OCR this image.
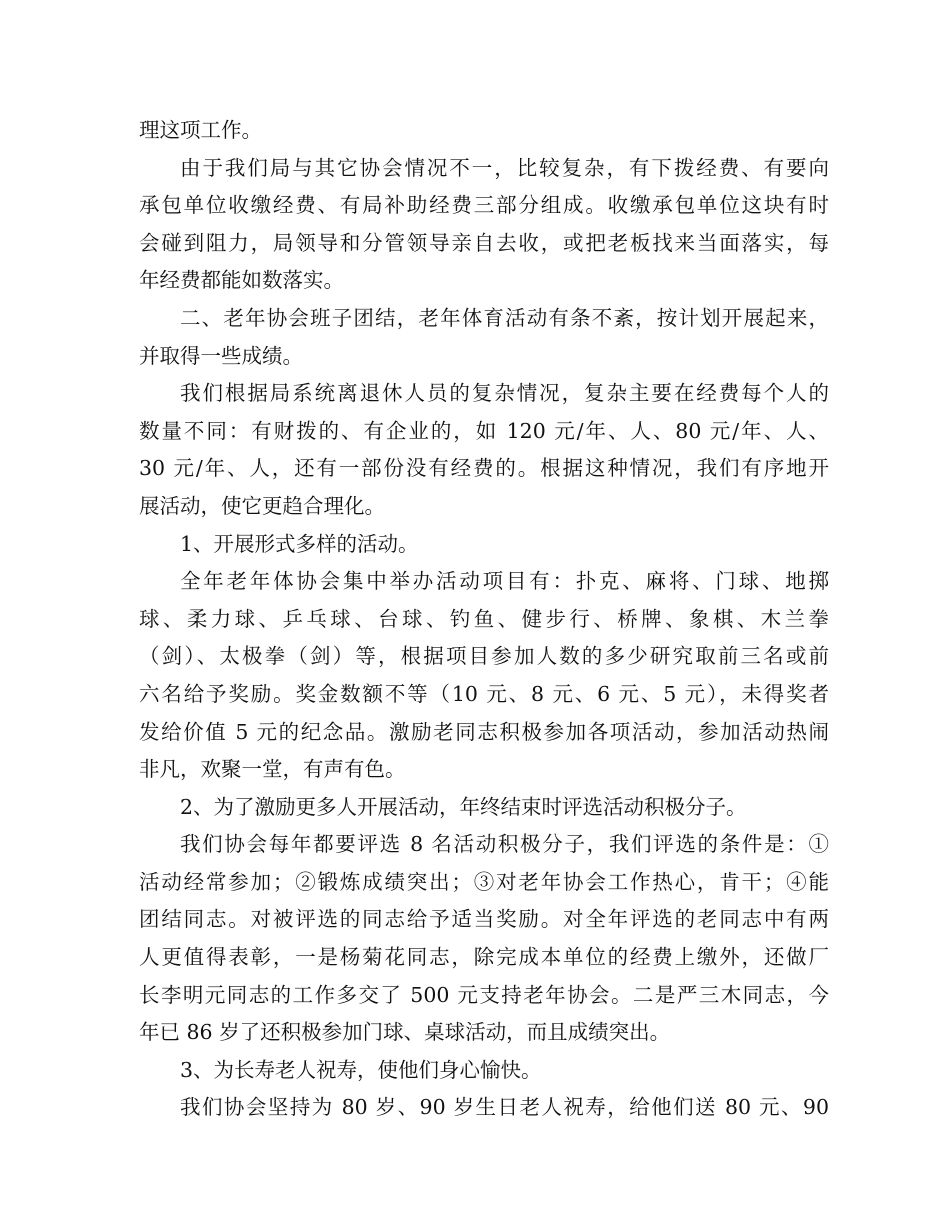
理这项工作。
由于我们局与其它协会情况不一，比较复杂，有下拨经费、有要向
承包单位收缴经费、有局补助经费三部分组成。收缴承包单位这块有时
会碰到阻力，局领导和分管领导亲自去收，或把老板找来当面落实，每
年经费都能如数落实。
二、老年协会班子团结，老年体育活动有条不紊，按计划开展起来，
并取得一些成绩。
我们根据局系统离退休人员的复杂情况，复杂主要在经费每个人的
数量不同：有财拨的、有企业的，如 120 元/年、人、80 元/年、人、
30 元/年、人，还有一部份没有经费的。根据这种情况，我们有序地开
展活动，使它更趋合理化。
1、开展形式多样的活动。
全年老年体协会集中举办活动项目有：扑克、麻将、门球、地掷
球、柔力球、乒乓球、台球、钓鱼、健步行、桥牌、象棋、木兰拳
（剑）、太极拳（剑）等，根据项目参加人数的多少研究取前三名或前
六名给予奖励。奖金数额不等（10 元、8 元、6 元、5 元），未得奖者
发给价值 5 元的纪念品。激励老同志积极参加各项活动，参加活动热闹
非凡，欢聚一堂，有声有色。
2、为了激励更多人开展活动，年终结束时评选活动积极分子。
我们协会每年都要评选 8 名活动积极分子，我们评选的条件是：①
活动经常参加；②锻炼成绩突出；③对老年协会工作热心，肯干；④能
团结同志。对被评选的同志给予适当奖励。对全年评选的老同志中有两
人更值得表彰，一是杨菊花同志，除完成本单位的经费上缴外，还做厂
长李明元同志的工作多交了 500 元支持老年协会。二是严三木同志，今
年已 86 岁了还积极参加门球、桌球活动，而且成绩突出。
3、为长寿老人祝寿，使他们身心愉快。
我们协会坚持为 80 岁、90 岁生日老人祝寿，给他们送 80 元、90
